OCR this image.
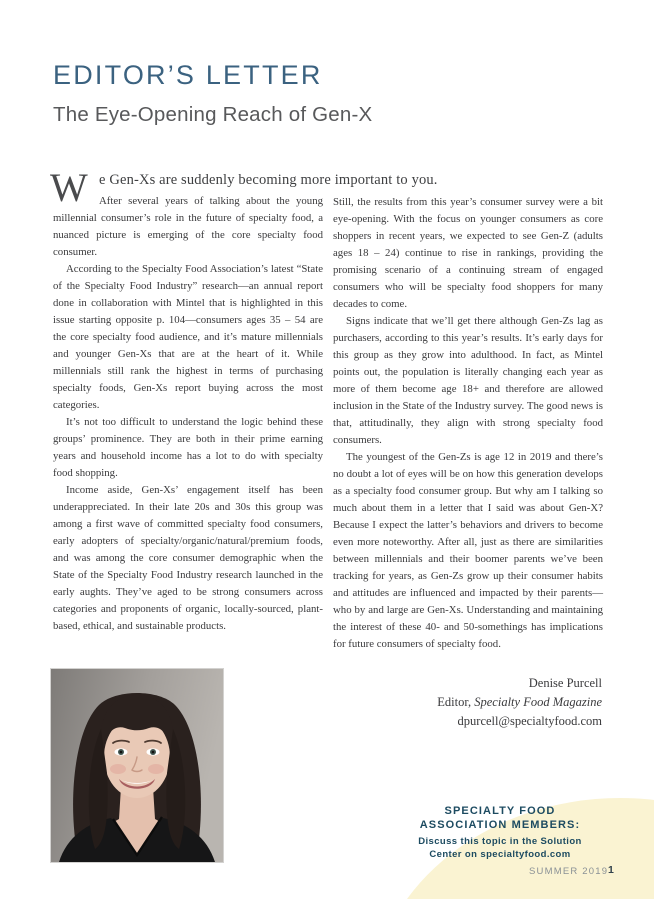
EDITOR’S LETTER
The Eye-Opening Reach of Gen-X
W e Gen-Xs are suddenly becoming more important to you.

After several years of talking about the young millennial consumer’s role in the future of specialty food, a nuanced picture is emerging of the core specialty food consumer.

According to the Specialty Food Association’s latest “State of the Specialty Food Industry” research—an annual report done in collaboration with Mintel that is highlighted in this issue starting opposite p. 104—consumers ages 35 – 54 are the core specialty food audience, and it’s mature millennials and younger Gen-Xs that are at the heart of it. While millennials still rank the highest in terms of purchasing specialty foods, Gen-Xs report buying across the most categories.

It’s not too difficult to understand the logic behind these groups’ prominence. They are both in their prime earning years and household income has a lot to do with specialty food shopping.

Income aside, Gen-Xs’ engagement itself has been underappreciated. In their late 20s and 30s this group was among a first wave of committed specialty food consumers, early adopters of specialty/organic/natural/premium foods, and was among the core consumer demographic when the State of the Specialty Food Industry research launched in the early aughts. They’ve aged to be strong consumers across categories and proponents of organic, locally-sourced, plant-based, ethical, and sustainable products.

Still, the results from this year’s consumer survey were a bit eye-opening. With the focus on younger consumers as core shoppers in recent years, we expected to see Gen-Z (adults ages 18 – 24) continue to rise in rankings, providing the promising scenario of a continuing stream of engaged consumers who will be specialty food shoppers for many decades to come.

Signs indicate that we’ll get there although Gen-Zs lag as purchasers, according to this year’s results. It’s early days for this group as they grow into adulthood. In fact, as Mintel points out, the population is literally changing each year as more of them become age 18+ and therefore are allowed inclusion in the State of the Industry survey. The good news is that, attitudinally, they align with strong specialty food consumers.

The youngest of the Gen-Zs is age 12 in 2019 and there’s no doubt a lot of eyes will be on how this generation develops as a specialty food consumer group. But why am I talking so much about them in a letter that I said was about Gen-X? Because I expect the latter’s behaviors and drivers to become even more noteworthy. After all, just as there are similarities between millennials and their boomer parents we’ve been tracking for years, as Gen-Zs grow up their consumer habits and attitudes are influenced and impacted by their parents—who by and large are Gen-Xs. Understanding and maintaining the interest of these 40- and 50-somethings has implications for future consumers of specialty food.

Denise Purcell
Editor, Specialty Food Magazine
dpurcell@specialtyfood.com
SPECIALTY FOOD
ASSOCIATION MEMBERS:
Discuss this topic in the Solution
Center on specialtyfood.com
SUMMER 2019 1
